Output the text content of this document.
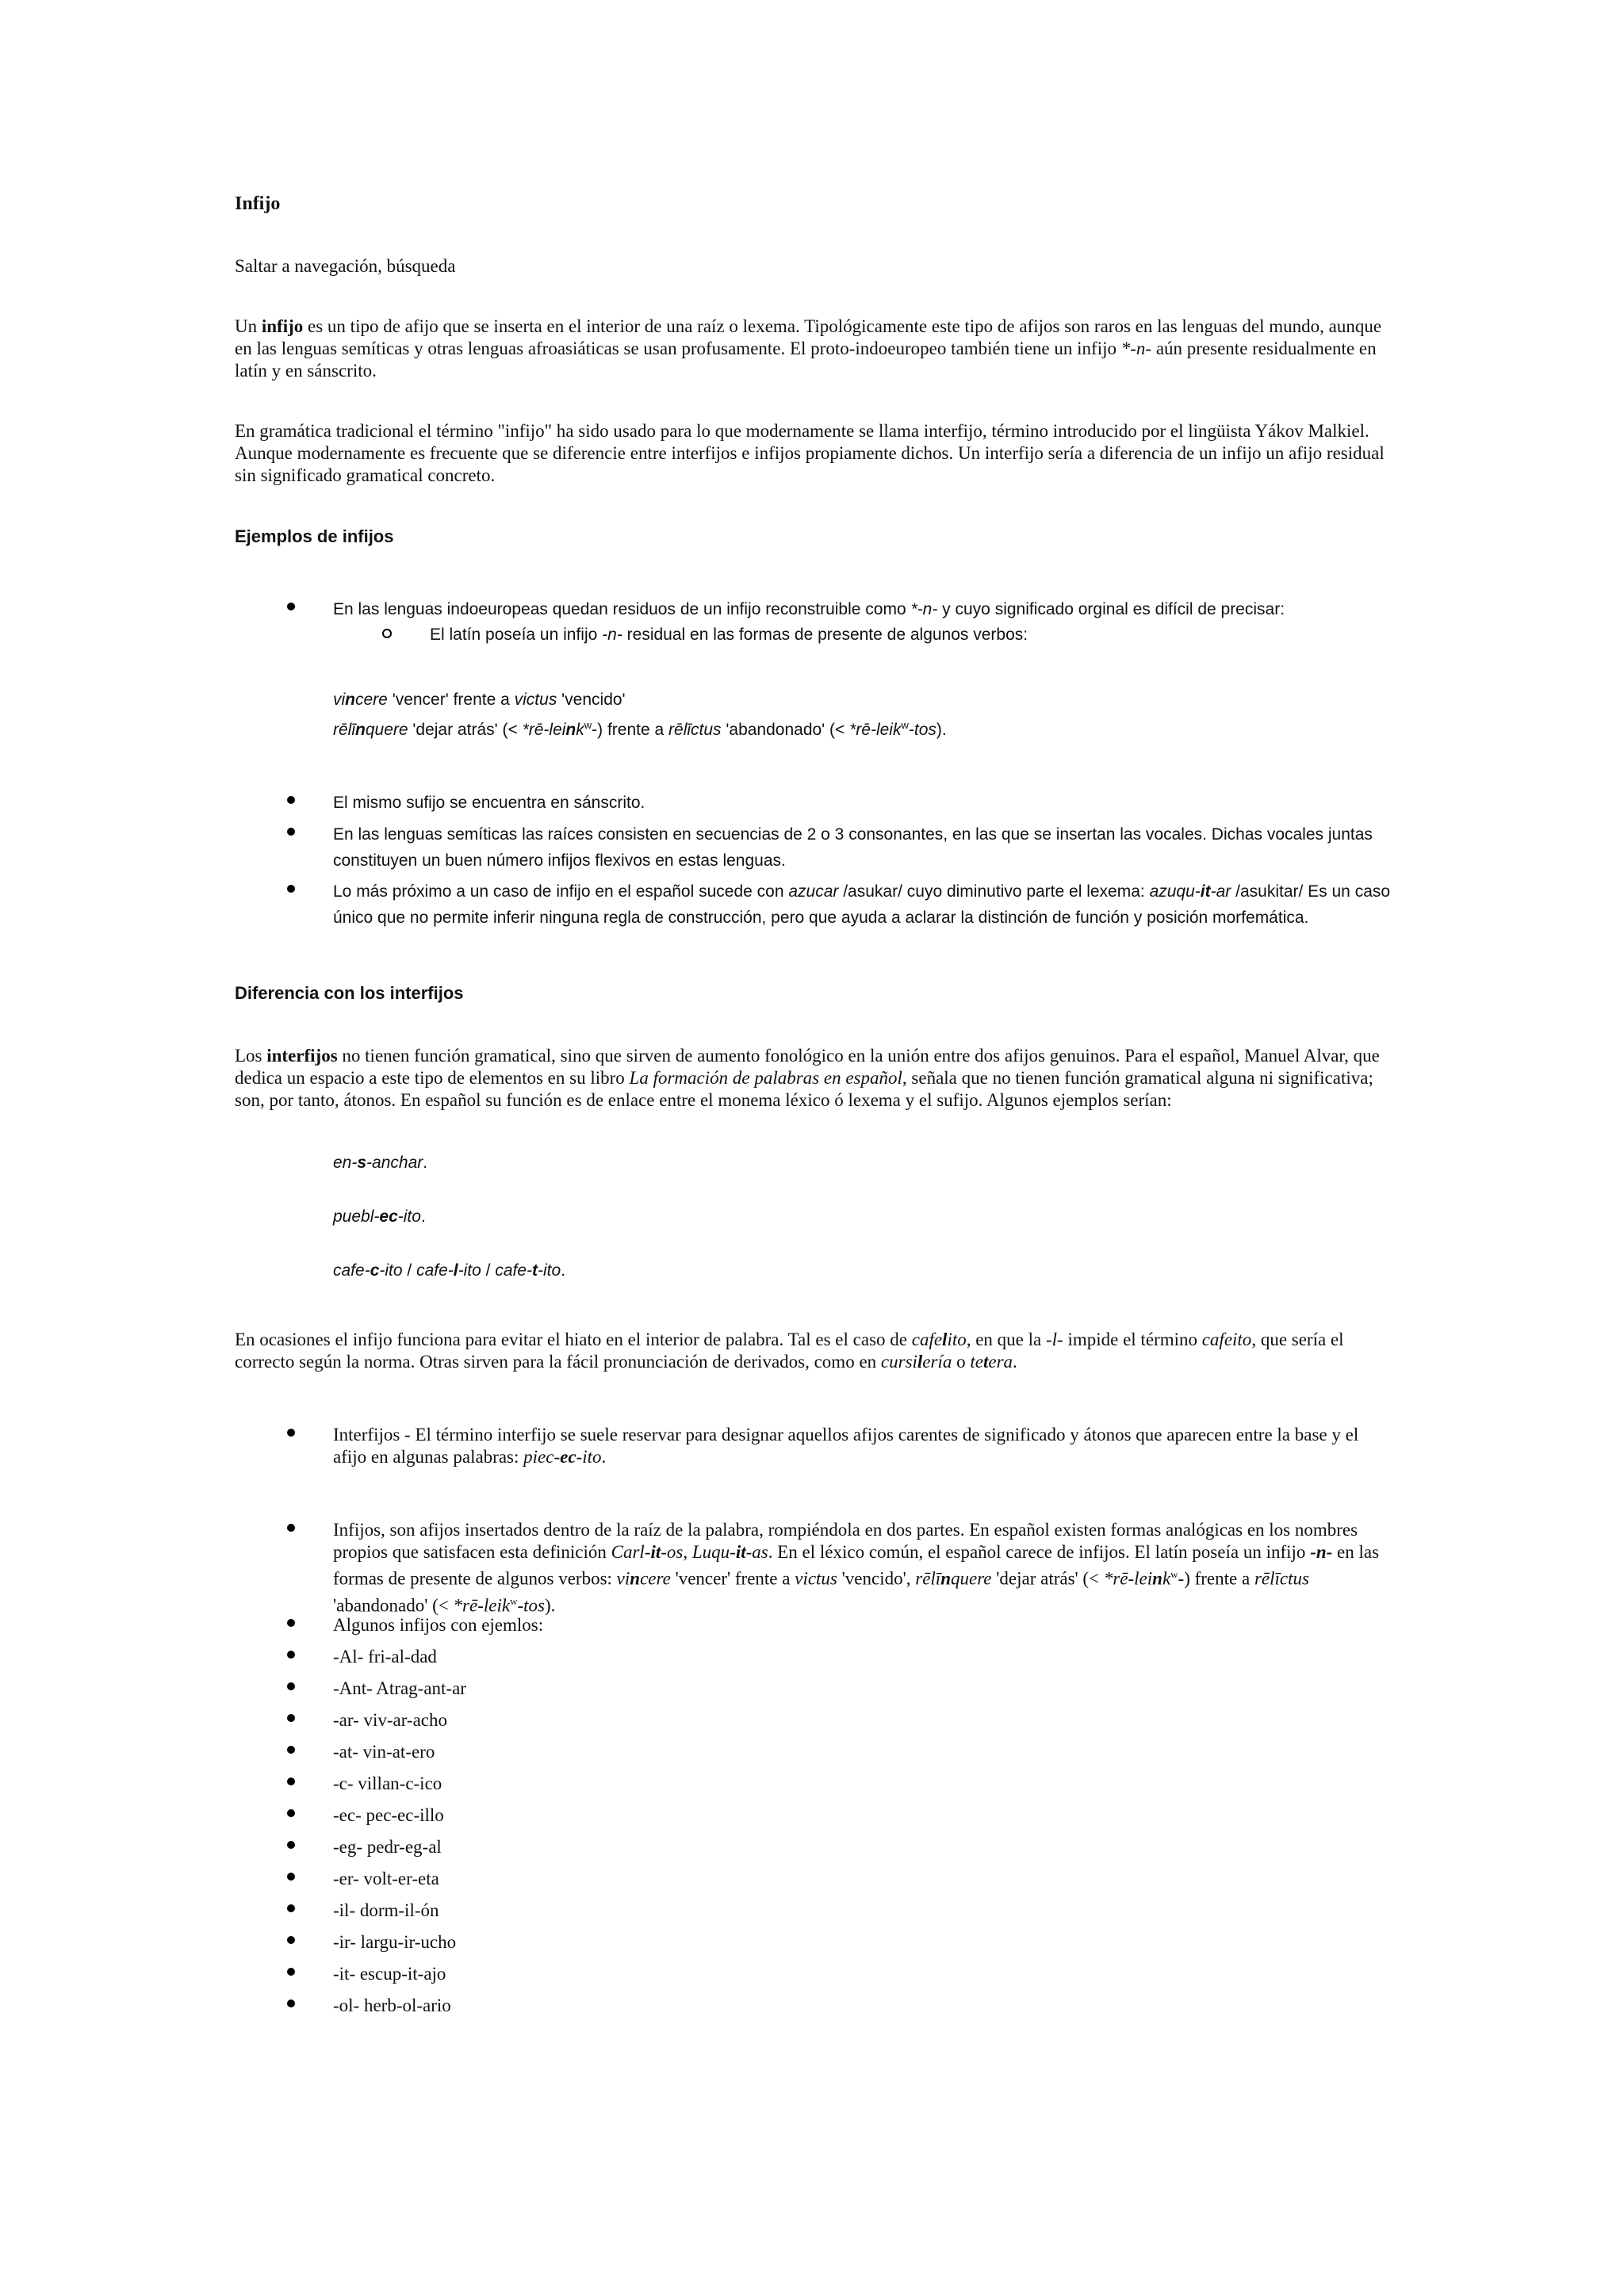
Infijo
Saltar a navegación, búsqueda

Un infijo es un tipo de afijo que se inserta en el interior de una raíz o lexema. Tipológicamente este tipo de afijos son raros en las lenguas del mundo, aunque en las lenguas semíticas y otras lenguas afroasiáticas se usan profusamente. El proto-indoeuropeo también tiene un infijo *-n- aún presente residualmente en latín y en sánscrito.

En gramática tradicional el término "infijo" ha sido usado para lo que modernamente se llama interfijo, término introducido por el lingüista Yákov Malkiel. Aunque modernamente es frecuente que se diferencie entre interfijos e infijos propiamente dichos. Un interfijo sería a diferencia de un infijo un afijo residual sin significado gramatical concreto.

Ejemplos de infijos
En las lenguas indoeuropeas quedan residuos de un infijo reconstruible como *-n- y cuyo significado orginal es difícil de precisar:
El latín poseía un infijo -n- residual en las formas de presente de algunos verbos:
vincere 'vencer' frente a victus 'vencido'
rēlīnquere 'dejar atrás' (< *rē-leink$^w$-) frente a rēlīctus 'abandonado' (< *rē-leik$^w$-tos).
El mismo sufijo se encuentra en sánscrito.
En las lenguas semíticas las raíces consisten en secuencias de 2 o 3 consonantes, en las que se insertan las vocales. Dichas vocales juntas constituyen un buen número infijos flexivos en estas lenguas.
Lo más próximo a un caso de infijo en el español sucede con azucar /asukar/ cuyo diminutivo parte el lexema: azuqu-it-ar /asukitar/ Es un caso único que no permite inferir ninguna regla de construcción, pero que ayuda a aclarar la distinción de función y posición morfemática.
Diferencia con los interfijos

Los interfijos no tienen función gramatical, sino que sirven de aumento fonológico en la unión entre dos afijos genuinos. Para el español, Manuel Alvar, que dedica un espacio a este tipo de elementos en su libro La formación de palabras en español, señala que no tienen función gramatical alguna ni significativa; son, por tanto, átonos. En español su función es de enlace entre el monema léxico ó lexema y el sufijo. Algunos ejemplos serían:

en-s-anchar.
puebl-ec-ito.
cafe-c-ito / cafe-l-ito / cafe-t-ito.

En ocasiones el infijo funciona para evitar el hiato en el interior de palabra. Tal es el caso de cafelito, en que la -l- impide el término cafeito, que sería el correcto según la norma. Otras sirven para la fácil pronunciación de derivados, como en cursilería o tetera.

Interfijos - El término interfijo se suele reservar para designar aquellos afijos carentes de significado y átonos que aparecen entre la base y el afijo en algunas palabras: piec-ec-ito.
Infijos, son afijos insertados dentro de la raíz de la palabra, rompiéndola en dos partes. En español existen formas analógicas en los nombres propios que satisfacen esta definición Carl-it-os, Luqu-it-as. En el léxico común, el español carece de infijos. El latín poseía un infijo -n- en las formas de presente de algunos verbos: vincere 'vencer' frente a victus 'vencido', rēlīnquere 'dejar atrás' (< *rē-leink$^w$-) frente a rēlīctus 'abandonado' (< *rē-leik$^w$-tos).
Algunos infijos con ejemlos:
-Al- fri-al-dad
-Ant- Atrag-ant-ar
-ar- viv-ar-acho
-at- vin-at-ero
-c- villan-c-ico
-ec- pec-ec-illo
-eg- pedr-eg-al
-er- volt-er-eta
-il- dorm-il-ón
-ir- largu-ir-ucho
-it- escup-it-ajo
-ol- herb-ol-ario
